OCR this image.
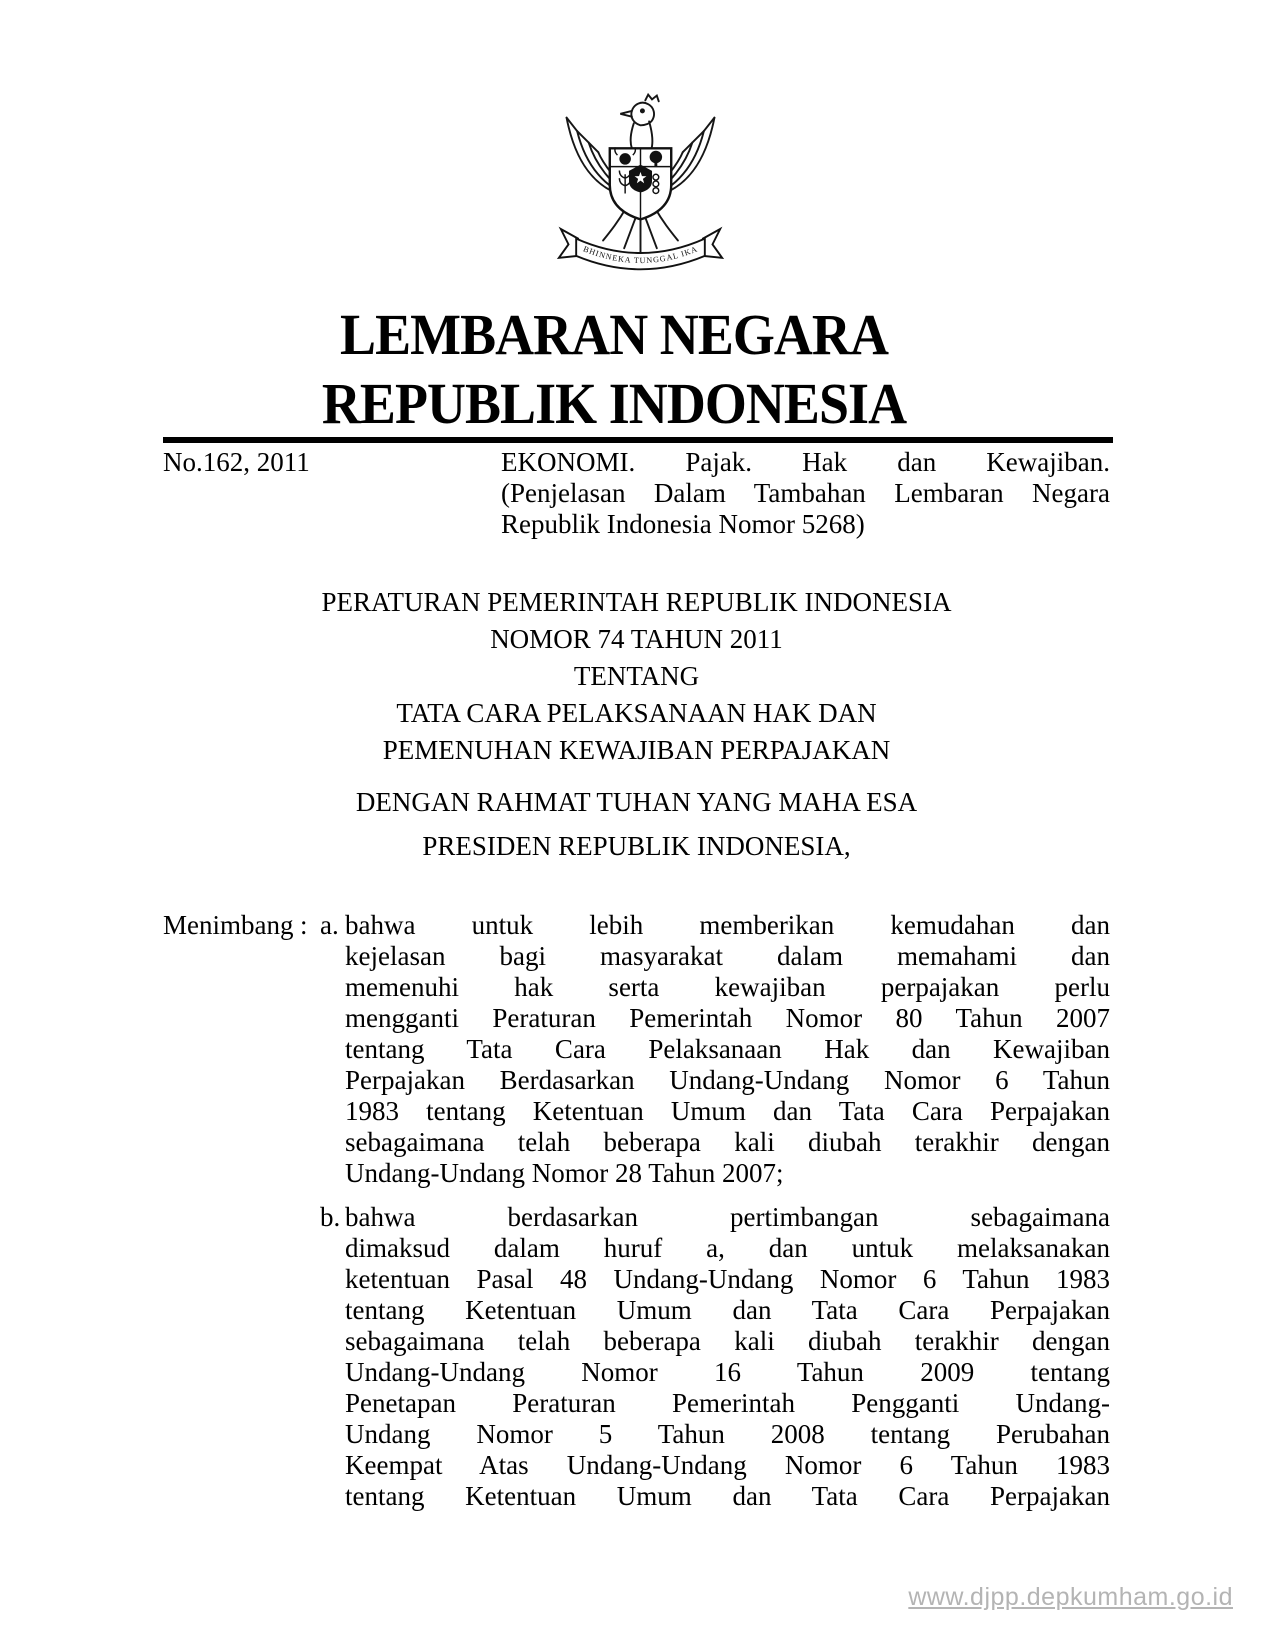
BHINNEKA TUNGGAL IKA
LEMBARAN NEGARA
REPUBLIK INDONESIA
No.162, 2011	EKONOMI. Pajak. Hak dan Kewajiban.
(Penjelasan Dalam Tambahan Lembaran Negara
Republik Indonesia Nomor 5268)
PERATURAN PEMERINTAH REPUBLIK INDONESIA
NOMOR 74 TAHUN 2011
TENTANG
TATA CARA PELAKSANAAN HAK DAN
PEMENUHAN KEWAJIBAN PERPAJAKAN
DENGAN RAHMAT TUHAN YANG MAHA ESA
PRESIDEN REPUBLIK INDONESIA,
Menimbang : a. bahwa untuk lebih memberikan kemudahan dan
kejelasan bagi masyarakat dalam memahami dan
memenuhi hak serta kewajiban perpajakan perlu
mengganti Peraturan Pemerintah Nomor 80 Tahun 2007
tentang Tata Cara Pelaksanaan Hak dan Kewajiban
Perpajakan Berdasarkan Undang-Undang Nomor 6 Tahun
1983 tentang Ketentuan Umum dan Tata Cara Perpajakan
sebagaimana telah beberapa kali diubah terakhir dengan
Undang-Undang Nomor 28 Tahun 2007;
b. bahwa berdasarkan pertimbangan sebagaimana
dimaksud dalam huruf a, dan untuk melaksanakan
ketentuan Pasal 48 Undang-Undang Nomor 6 Tahun 1983
tentang Ketentuan Umum dan Tata Cara Perpajakan
sebagaimana telah beberapa kali diubah terakhir dengan
Undang-Undang Nomor 16 Tahun 2009 tentang
Penetapan Peraturan Pemerintah Pengganti Undang-
Undang Nomor 5 Tahun 2008 tentang Perubahan
Keempat Atas Undang-Undang Nomor 6 Tahun 1983
tentang Ketentuan Umum dan Tata Cara Perpajakan
www.djpp.depkumham.go.id
